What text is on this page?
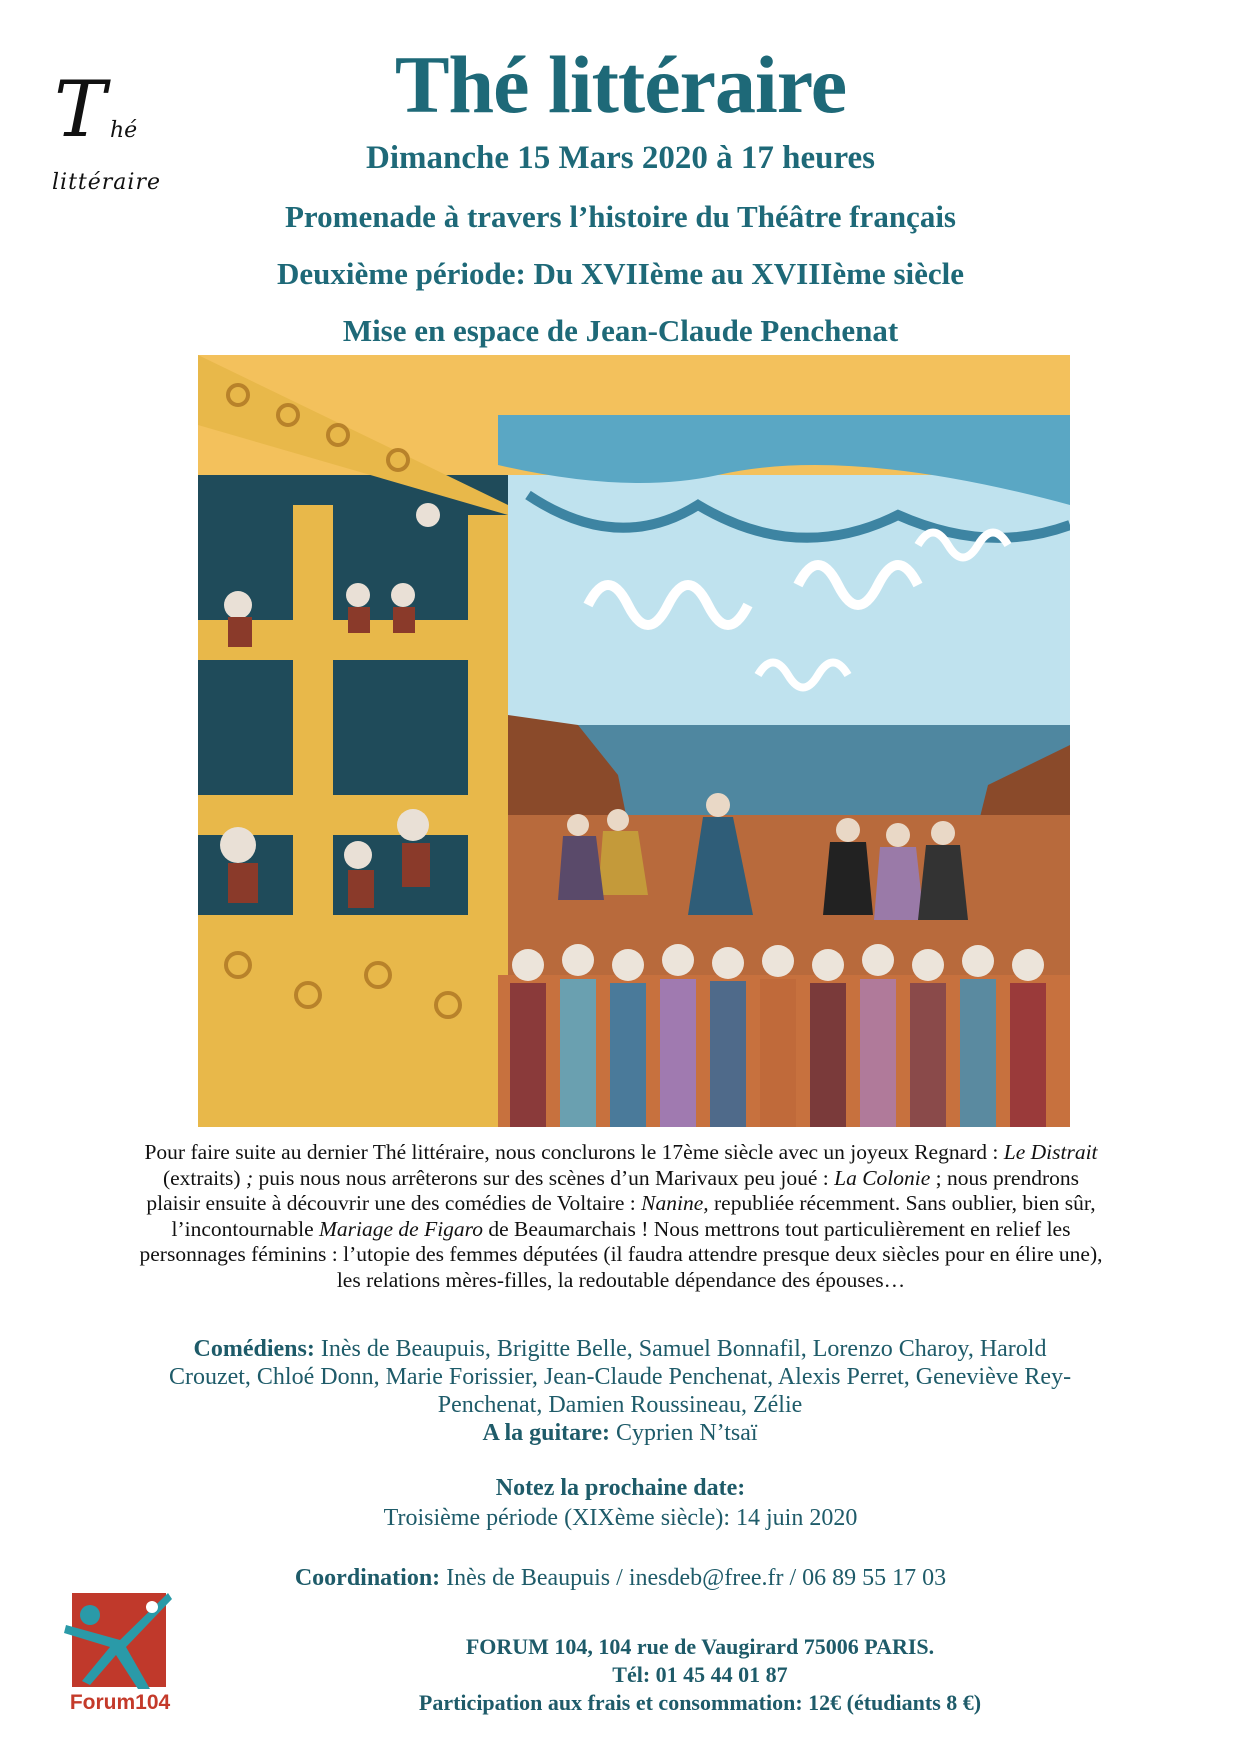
T hé
littéraire
Thé littéraire
Dimanche 15 Mars 2020 à 17 heures
Promenade à travers l’histoire du Théâtre français
Deuxième période: Du XVIIème au XVIIIème siècle
Mise en espace de Jean-Claude Penchenat
Pour faire suite au dernier Thé littéraire, nous conclurons le 17ème siècle avec un joyeux Regnard : Le Distrait (extraits) ; puis nous nous arrêterons sur des scènes d’un Marivaux peu joué : La Colonie ; nous prendrons plaisir ensuite à découvrir une des comédies de Voltaire : Nanine, republiée récemment. Sans oublier, bien sûr, l’incontournable Mariage de Figaro de Beaumarchais ! Nous mettrons tout particulièrement en relief les personnages féminins : l’utopie des femmes députées (il faudra attendre presque deux siècles pour en élire une), les relations mères-filles, la redoutable dépendance des épouses…
Comédiens: Inès de Beaupuis, Brigitte Belle, Samuel Bonnafil, Lorenzo Charoy, Harold Crouzet, Chloé Donn, Marie Forissier, Jean-Claude Penchenat, Alexis Perret, Geneviève Rey-Penchenat, Damien Roussineau, Zélie
A la guitare: Cyprien N’tsaï
Notez la prochaine date:
Troisième période (XIXème siècle): 14 juin 2020
Coordination: Inès de Beaupuis / inesdeb@free.fr / 06 89 55 17 03
FORUM 104, 104 rue de Vaugirard 75006 PARIS.
Tél: 01 45 44 01 87
Participation aux frais et consommation: 12€ (étudiants 8 €)
Forum104
